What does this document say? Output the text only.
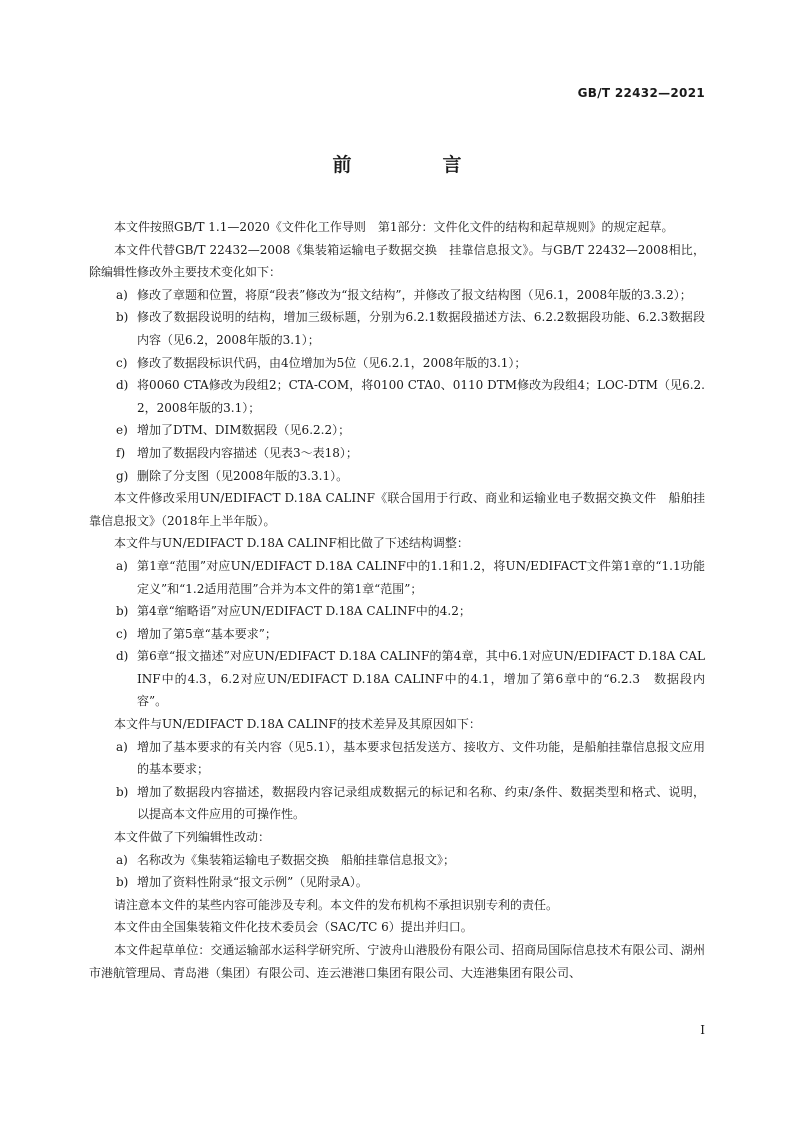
GB/T 22432—2021
前　言

本文件按照GB/T 1.1—2020《文件化工作导则　第1部分：文件化文件的结构和起草规则》的规定起草。

本文件代替GB/T 22432—2008《集装箱运输电子数据交换　挂靠信息报文》。与GB/T 22432—2008相比，除编辑性修改外主要技术变化如下：

a) 修改了章题和位置，将原“段表”修改为“报文结构”，并修改了报文结构图（见6.1，2008年版的3.3.2）；
b) 修改了数据段说明的结构，增加三级标题，分别为6.2.1数据段描述方法、6.2.2数据段功能、6.2.3数据段内容（见6.2，2008年版的3.1）；
c) 修改了数据段标识代码，由4位增加为5位（见6.2.1，2008年版的3.1）；
d) 将0060 CTA修改为段组2；CTA-COM，将0100 CTA0、0110 DTM修改为段组4；LOC-DTM（见6.2.2，2008年版的3.1）；
e) 增加了DTM、DIM数据段（见6.2.2）；
f) 增加了数据段内容描述（见表3～表18）；
g) 删除了分支图（见2008年版的3.3.1）。

本文件修改采用UN/EDIFACT D.18A CALINF《联合国用于行政、商业和运输业电子数据交换文件　船舶挂靠信息报文》（2018年上半年版）。

本文件与UN/EDIFACT D.18A CALINF相比做了下述结构调整：

a) 第1章“范围”对应UN/EDIFACT D.18A CALINF中的1.1和1.2，将UN/EDIFACT文件第1章的“1.1功能定义”和“1.2适用范围”合并为本文件的第1章“范围”；
b) 第4章“缩略语”对应UN/EDIFACT D.18A CALINF中的4.2；
c) 增加了第5章“基本要求”；
d) 第6章“报文描述”对应UN/EDIFACT D.18A CALINF的第4章，其中6.1对应UN/EDIFACT D.18A CALINF中的4.3，6.2对应UN/EDIFACT D.18A CALINF中的4.1，增加了第6章中的“6.2.3　数据段内容”。

本文件与UN/EDIFACT D.18A CALINF的技术差异及其原因如下：

a) 增加了基本要求的有关内容（见5.1），基本要求包括发送方、接收方、文件功能，是船舶挂靠信息报文应用的基本要求；
b) 增加了数据段内容描述，数据段内容记录组成数据元的标记和名称、约束/条件、数据类型和格式、说明，以提高本文件应用的可操作性。

本文件做了下列编辑性改动：

a) 名称改为《集装箱运输电子数据交换　船舶挂靠信息报文》；
b) 增加了资料性附录“报文示例”（见附录A）。

请注意本文件的某些内容可能涉及专利。本文件的发布机构不承担识别专利的责任。

本文件由全国集装箱文件化技术委员会（SAC/TC 6）提出并归口。

本文件起草单位：交通运输部水运科学研究所、宁波舟山港股份有限公司、招商局国际信息技术有限公司、湖州市港航管理局、青岛港（集团）有限公司、连云港港口集团有限公司、大连港集团有限公司、

I
